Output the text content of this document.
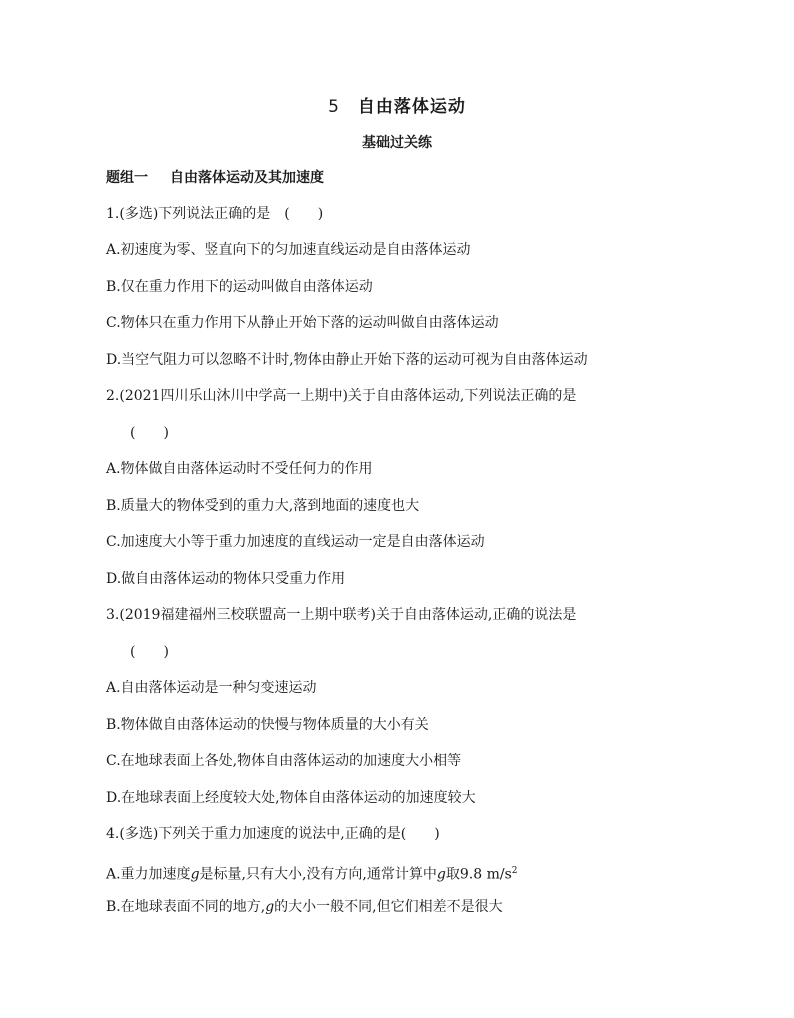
5 自由落体运动
基础过关练
题组一 自由落体运动及其加速度
1.(多选)下列说法正确的是　(　　)
A.初速度为零、竖直向下的匀加速直线运动是自由落体运动
B.仅在重力作用下的运动叫做自由落体运动
C.物体只在重力作用下从静止开始下落的运动叫做自由落体运动
D.当空气阻力可以忽略不计时,物体由静止开始下落的运动可视为自由落体运动
2.(2021四川乐山沐川中学高一上期中)关于自由落体运动,下列说法正确的是
(　　)
A.物体做自由落体运动时不受任何力的作用
B.质量大的物体受到的重力大,落到地面的速度也大
C.加速度大小等于重力加速度的直线运动一定是自由落体运动
D.做自由落体运动的物体只受重力作用
3.(2019福建福州三校联盟高一上期中联考)关于自由落体运动,正确的说法是
(　　)
A.自由落体运动是一种匀变速运动
B.物体做自由落体运动的快慢与物体质量的大小有关
C.在地球表面上各处,物体自由落体运动的加速度大小相等
D.在地球表面上经度较大处,物体自由落体运动的加速度较大
4.(多选)下列关于重力加速度的说法中,正确的是(　　)
A.重力加速度g是标量,只有大小,没有方向,通常计算中g取9.8 $m/s^2$
B.在地球表面不同的地方,g的大小一般不同,但它们相差不是很大
